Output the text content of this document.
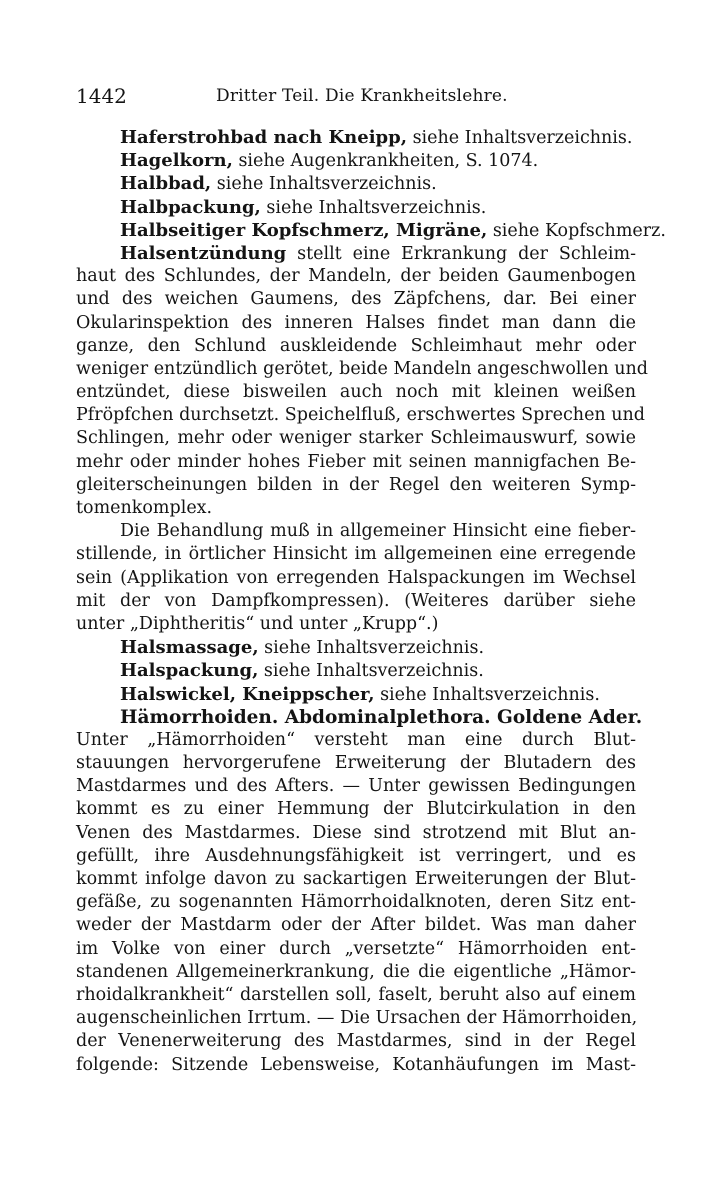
1442	Dritter Teil. Die Krankheitslehre.
Haferstrohbad nach Kneipp, siehe Inhaltsverzeichnis.
Hagelkorn, siehe Augenkrankheiten, S. 1074.
Halbbad, siehe Inhaltsverzeichnis.
Halbpackung, siehe Inhaltsverzeichnis.
Halbseitiger Kopfschmerz, Migräne, siehe Kopfschmerz.
Halsentzündung stellt eine Erkrankung der Schleim-
haut des Schlundes, der Mandeln, der beiden Gaumenbogen
und des weichen Gaumens, des Zäpfchens, dar. Bei einer
Okularinspektion des inneren Halses findet man dann die
ganze, den Schlund auskleidende Schleimhaut mehr oder
weniger entzündlich gerötet, beide Mandeln angeschwollen und
entzündet, diese bisweilen auch noch mit kleinen weißen
Pfröpfchen durchsetzt. Speichelfluß, erschwertes Sprechen und
Schlingen, mehr oder weniger starker Schleimauswurf, sowie
mehr oder minder hohes Fieber mit seinen mannigfachen Be-
gleiterscheinungen bilden in der Regel den weiteren Symp-
tomenkomplex.
Die Behandlung muß in allgemeiner Hinsicht eine fieber-
stillende, in örtlicher Hinsicht im allgemeinen eine erregende
sein (Applikation von erregenden Halspackungen im Wechsel
mit der von Dampfkompressen). (Weiteres darüber siehe
unter „Diphtheritis“ und unter „Krupp“.)
Halsmassage, siehe Inhaltsverzeichnis.
Halspackung, siehe Inhaltsverzeichnis.
Halswickel, Kneippscher, siehe Inhaltsverzeichnis.
Hämorrhoiden. Abdominalplethora. Goldene Ader.
Unter „Hämorrhoiden“ versteht man eine durch Blut-
stauungen hervorgerufene Erweiterung der Blutadern des
Mastdarmes und des Afters. — Unter gewissen Bedingungen
kommt es zu einer Hemmung der Blutcirkulation in den
Venen des Mastdarmes. Diese sind strotzend mit Blut an-
gefüllt, ihre Ausdehnungsfähigkeit ist verringert, und es
kommt infolge davon zu sackartigen Erweiterungen der Blut-
gefäße, zu sogenannten Hämorrhoidalknoten, deren Sitz ent-
weder der Mastdarm oder der After bildet. Was man daher
im Volke von einer durch „versetzte“ Hämorrhoiden ent-
standenen Allgemeinerkrankung, die die eigentliche „Hämor-
rhoidalkrankheit“ darstellen soll, faselt, beruht also auf einem
augenscheinlichen Irrtum. — Die Ursachen der Hämorrhoiden,
der Venenerweiterung des Mastdarmes, sind in der Regel
folgende: Sitzende Lebensweise, Kotanhäufungen im Mast-
